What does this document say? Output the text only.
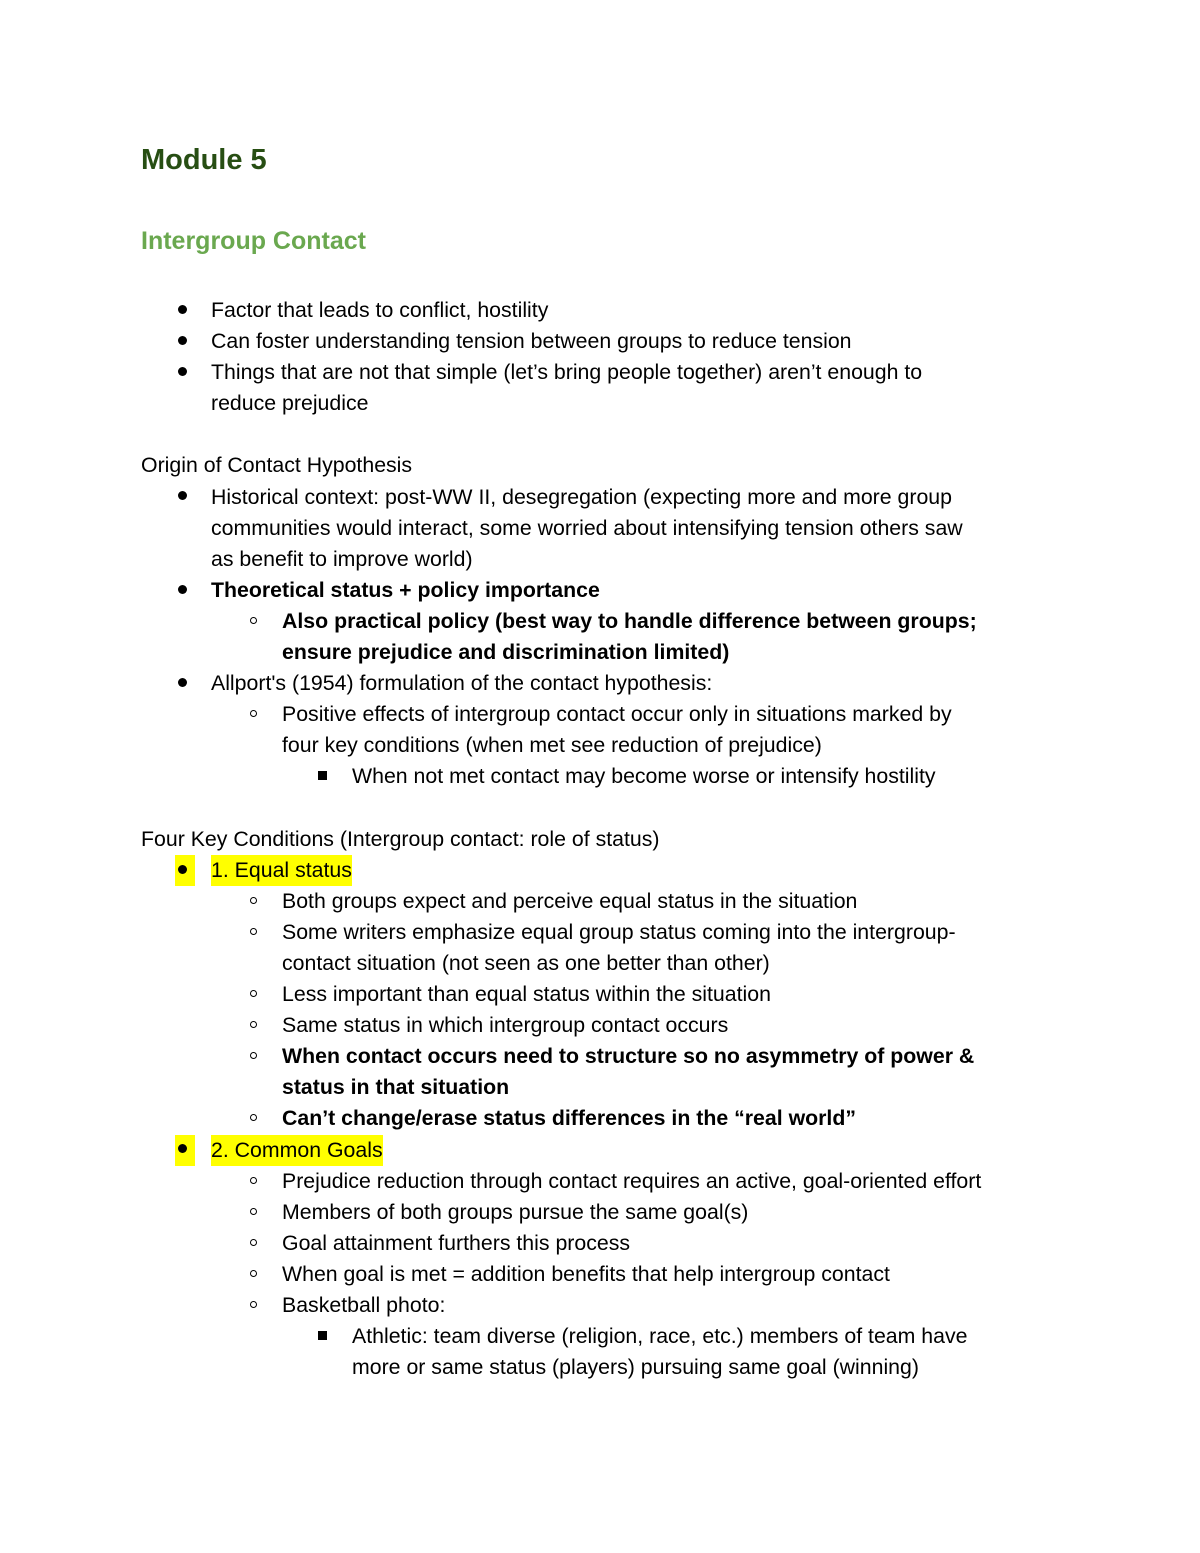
Module 5
Intergroup Contact
Factor that leads to conflict, hostility
Can foster understanding tension between groups to reduce tension
Things that are not that simple (let’s bring people together) aren’t enough to
reduce prejudice
Origin of Contact Hypothesis
Historical context: post-WW II, desegregation (expecting more and more group
communities would interact, some worried about intensifying tension others saw
as benefit to improve world)
Theoretical status + policy importance
Also practical policy (best way to handle difference between groups;
ensure prejudice and discrimination limited)
Allport's (1954) formulation of the contact hypothesis:
Positive effects of intergroup contact occur only in situations marked by
four key conditions (when met see reduction of prejudice)
When not met contact may become worse or intensify hostility
Four Key Conditions (Intergroup contact: role of status)
1. Equal status
Both groups expect and perceive equal status in the situation
Some writers emphasize equal group status coming into the intergroup-
contact situation (not seen as one better than other)
Less important than equal status within the situation
Same status in which intergroup contact occurs
When contact occurs need to structure so no asymmetry of power &
status in that situation
Can’t change/erase status differences in the “real world”
2. Common Goals
Prejudice reduction through contact requires an active, goal-oriented effort
Members of both groups pursue the same goal(s)
Goal attainment furthers this process
When goal is met = addition benefits that help intergroup contact
Basketball photo:
Athletic: team diverse (religion, race, etc.) members of team have
more or same status (players) pursuing same goal (winning)
